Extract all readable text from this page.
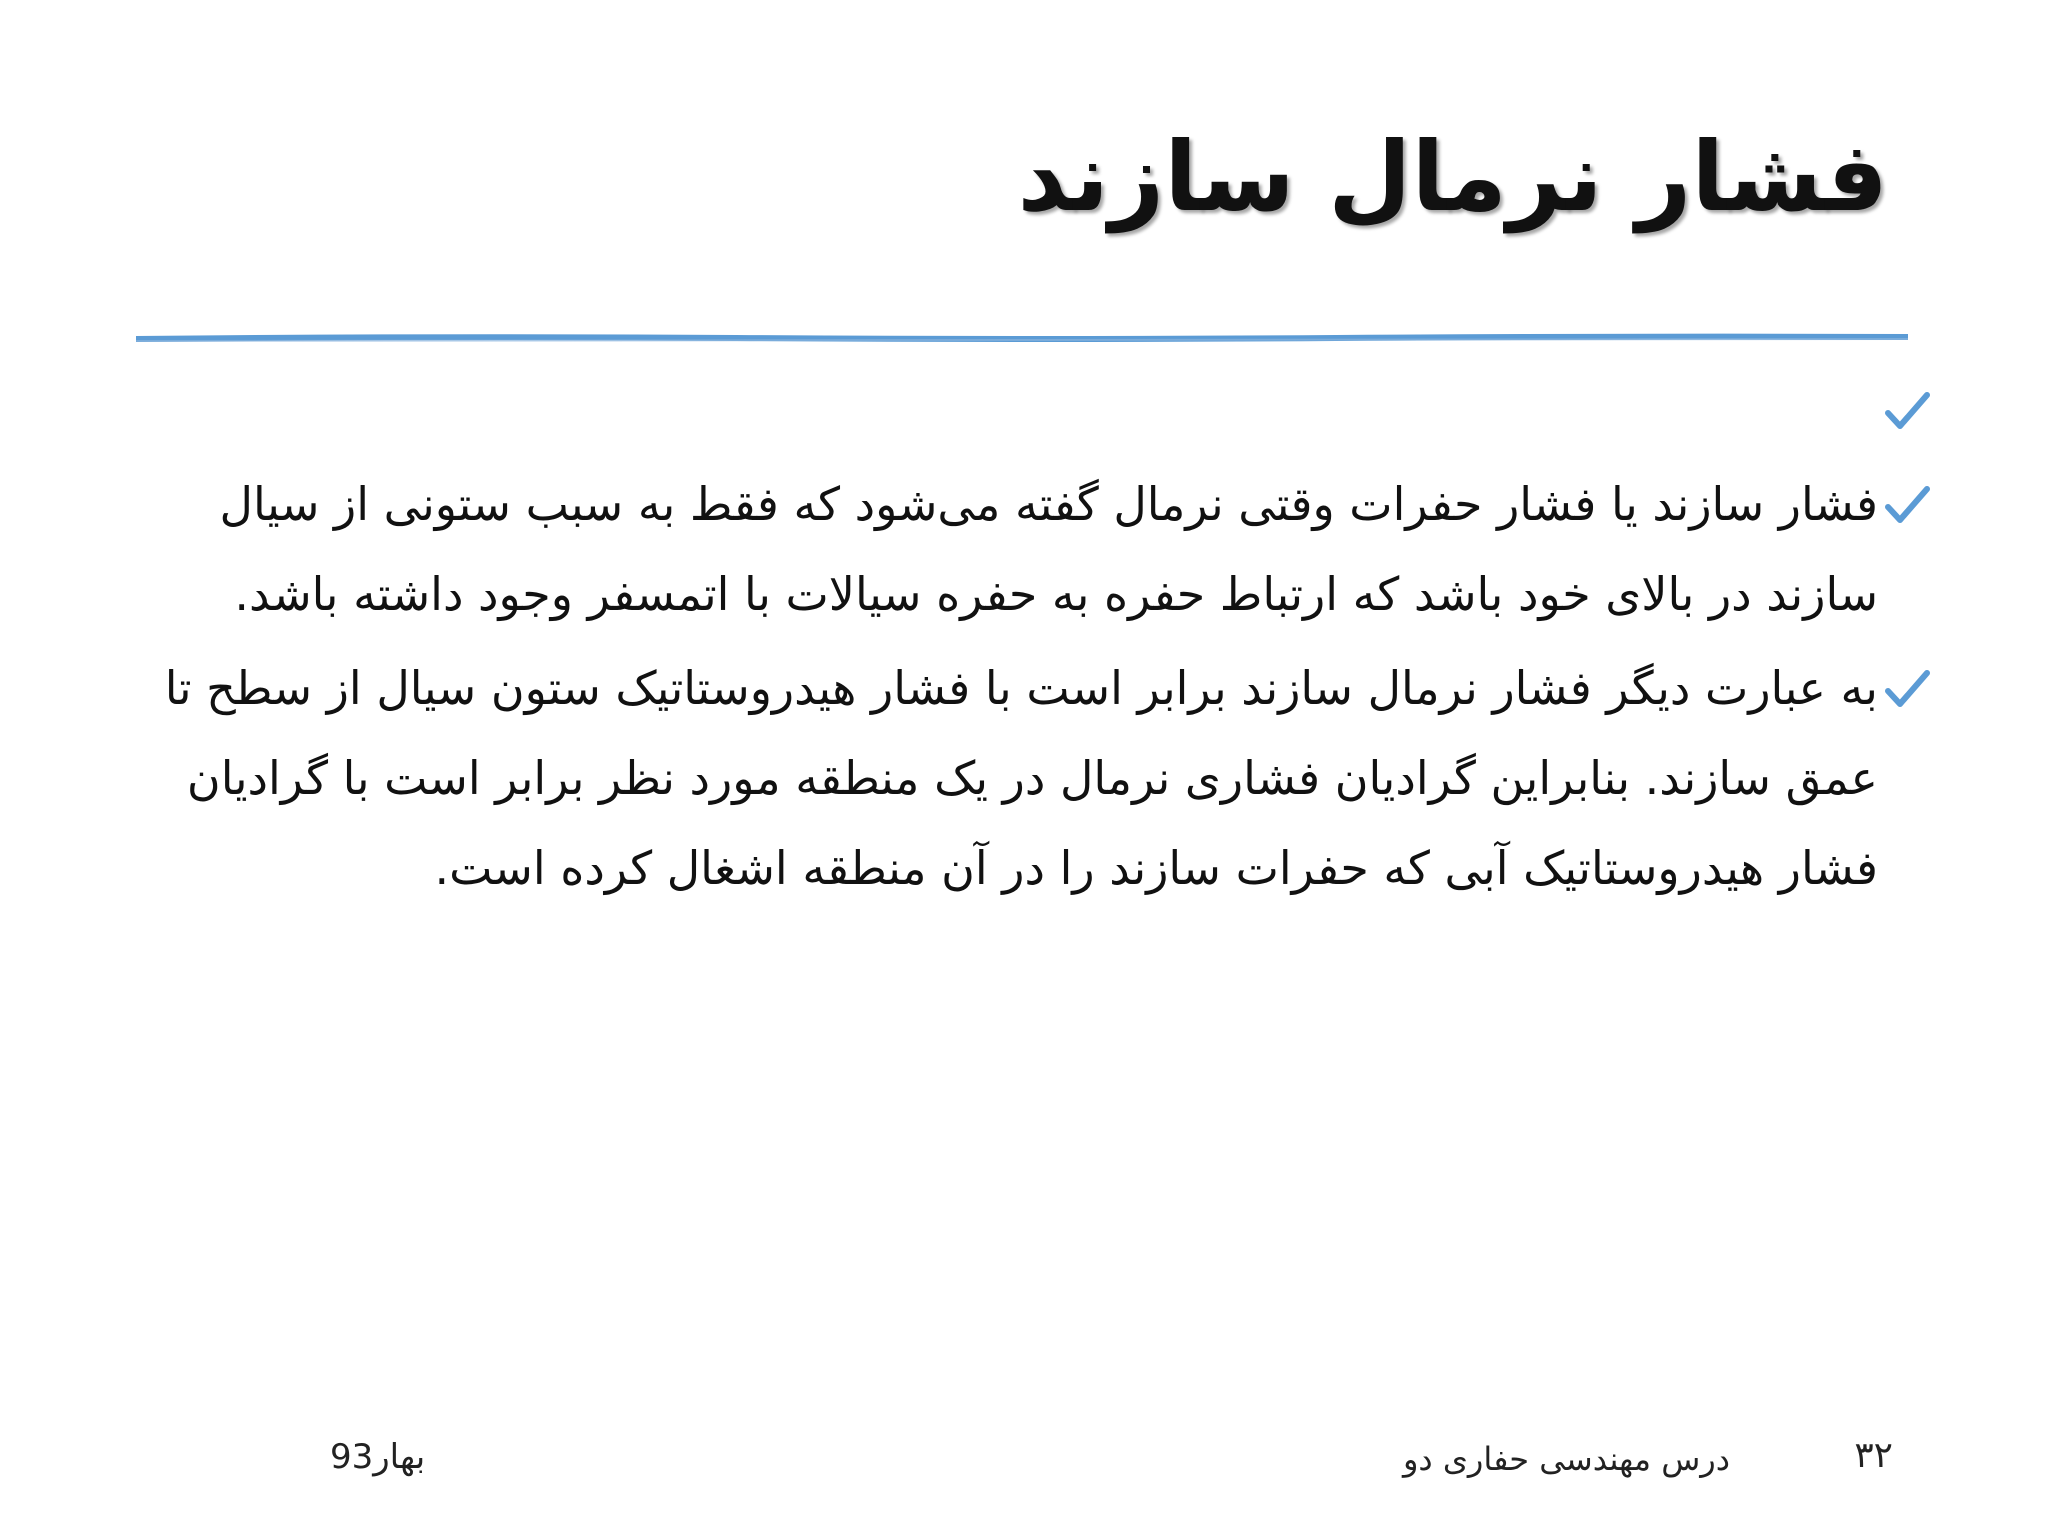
فشار نرمال سازند
فشار سازند یا فشار حفرات وقتی نرمال گفته می‌شود که فقط به سبب ستونی از سیال سازند در بالای خود باشد که ارتباط حفره به حفره سیالات با اتمسفر وجود داشته باشد.
به عبارت دیگر فشار نرمال سازند برابر است با فشار هیدروستاتیک ستون سیال از سطح تا عمق سازند. بنابراین گرادیان فشاری نرمال در یک منطقه مورد نظر برابر است با گرادیان فشار هیدروستاتیک آبی که حفرات سازند را در آن منطقه اشغال کرده است.
۳۲
درس مهندسی حفاری دو
بهار93
